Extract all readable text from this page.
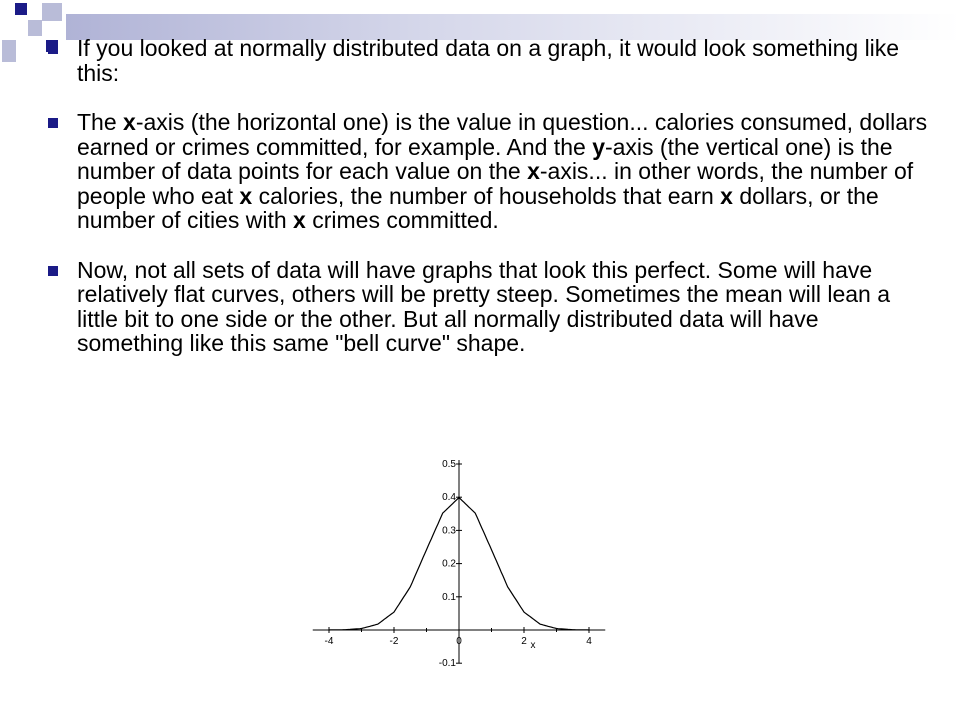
If you looked at normally distributed data on a graph, it would look something like this:
The x-axis (the horizontal one) is the value in question... calories consumed, dollars earned or crimes committed, for example. And the y-axis (the vertical one) is the number of data points for each value on the x-axis... in other words, the number of people who eat x calories, the number of households that earn x dollars, or the number of cities with x crimes committed.
Now, not all sets of data will have graphs that look this perfect. Some will have relatively flat curves, others will be pretty steep. Sometimes the mean will lean a little bit to one side or the other. But all normally distributed data will have something like this same "bell curve" shape.
-4	-2	0	2	4
-0.1
0.1
0.2
0.3
0.4
0.5
x
